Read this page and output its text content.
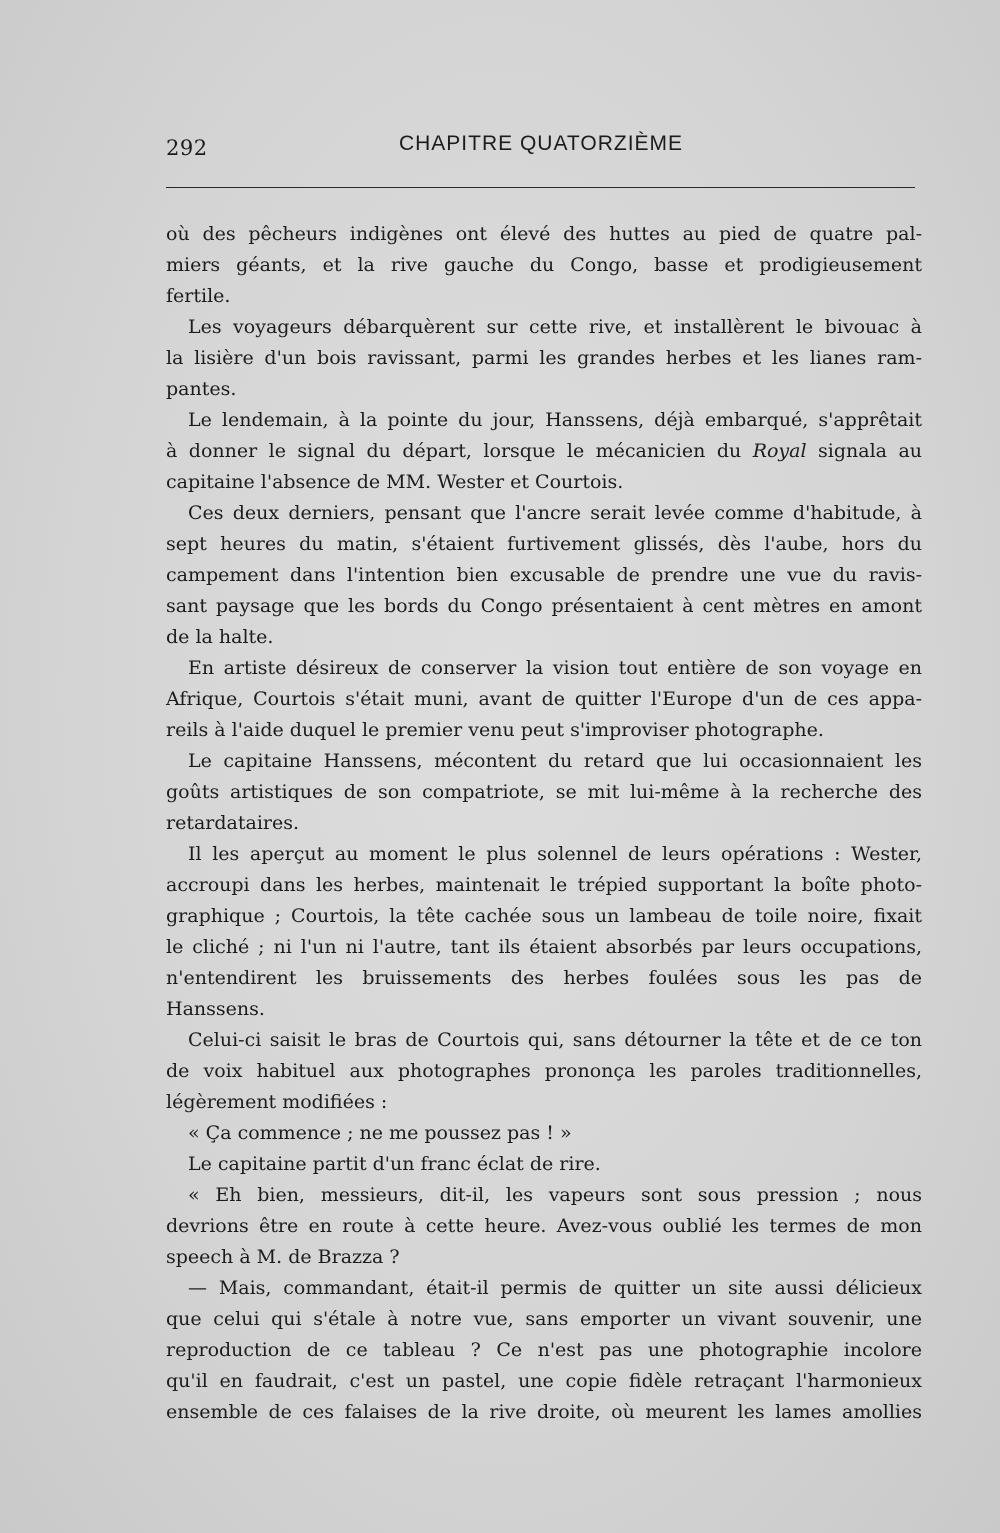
292	CHAPITRE QUATORZIÈME
où des pêcheurs indigènes ont élevé des huttes au pied de quatre pal-
miers géants, et la rive gauche du Congo, basse et prodigieusement
fertile.
Les voyageurs débarquèrent sur cette rive, et installèrent le bivouac à
la lisière d'un bois ravissant, parmi les grandes herbes et les lianes ram-
pantes.
Le lendemain, à la pointe du jour, Hanssens, déjà embarqué, s'apprêtait
à donner le signal du départ, lorsque le mécanicien du Royal signala au
capitaine l'absence de MM. Wester et Courtois.
Ces deux derniers, pensant que l'ancre serait levée comme d'habitude, à
sept heures du matin, s'étaient furtivement glissés, dès l'aube, hors du
campement dans l'intention bien excusable de prendre une vue du ravis-
sant paysage que les bords du Congo présentaient à cent mètres en amont
de la halte.
En artiste désireux de conserver la vision tout entière de son voyage en
Afrique, Courtois s'était muni, avant de quitter l'Europe d'un de ces appa-
reils à l'aide duquel le premier venu peut s'improviser photographe.
Le capitaine Hanssens, mécontent du retard que lui occasionnaient les
goûts artistiques de son compatriote, se mit lui-même à la recherche des
retardataires.
Il les aperçut au moment le plus solennel de leurs opérations : Wester,
accroupi dans les herbes, maintenait le trépied supportant la boîte photo-
graphique ; Courtois, la tête cachée sous un lambeau de toile noire, fixait
le cliché ; ni l'un ni l'autre, tant ils étaient absorbés par leurs occupations,
n'entendirent les bruissements des herbes foulées sous les pas de
Hanssens.
Celui-ci saisit le bras de Courtois qui, sans détourner la tête et de ce ton
de voix habituel aux photographes prononça les paroles traditionnelles,
légèrement modifiées :
« Ça commence ; ne me poussez pas ! »
Le capitaine partit d'un franc éclat de rire.
« Eh bien, messieurs, dit-il, les vapeurs sont sous pression ; nous
devrions être en route à cette heure. Avez-vous oublié les termes de mon
speech à M. de Brazza ?
— Mais, commandant, était-il permis de quitter un site aussi délicieux
que celui qui s'étale à notre vue, sans emporter un vivant souvenir, une
reproduction de ce tableau ? Ce n'est pas une photographie incolore
qu'il en faudrait, c'est un pastel, une copie fidèle retraçant l'harmonieux
ensemble de ces falaises de la rive droite, où meurent les lames amollies
